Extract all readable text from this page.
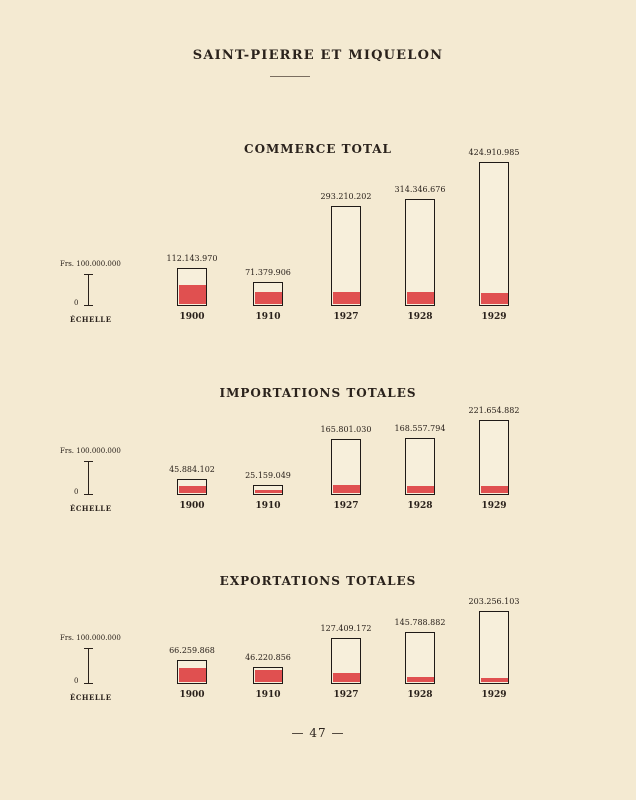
SAINT-PIERRE ET MIQUELON
COMMERCE TOTAL
Frs. 100.000.000
0
ÉCHELLE
112.143.970
1900
71.379.906
1910
293.210.202
1927
314.346.676
1928
424.910.985
1929
IMPORTATIONS TOTALES
Frs. 100.000.000
0
ÉCHELLE
45.884.102
1900
25.159.049
1910
165.801.030
1927
168.557.794
1928
221.654.882
1929
EXPORTATIONS TOTALES
Frs. 100.000.000
0
ÉCHELLE
66.259.868
1900
46.220.856
1910
127.409.172
1927
145.788.882
1928
203.256.103
1929
— 47 —
